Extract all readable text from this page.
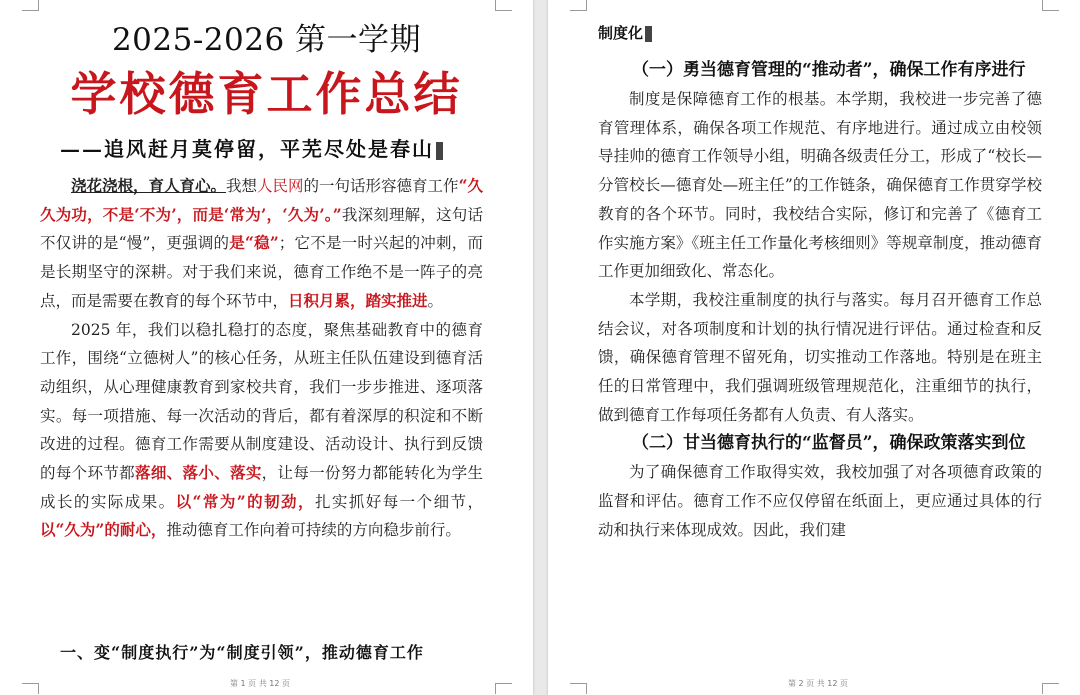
2025-2026 第一学期
学校德育工作总结
——追风赶月莫停留，平芜尽处是春山

浇花浇根，育人育心。我想人民网的一句话形容德育工作“久久为功，不是‘不为’，而是‘常为’，‘久为’。”我深刻理解，这句话不仅讲的是“慢”，更强调的是“稳”；它不是一时兴起的冲刺，而是长期坚守的深耕。对于我们来说，德育工作绝不是一阵子的亮点，而是需要在教育的每个环节中，日积月累，踏实推进。

2025 年，我们以稳扎稳打的态度，聚焦基础教育中的德育工作，围绕“立德树人”的核心任务，从班主任队伍建设到德育活动组织，从心理健康教育到家校共育，我们一步步推进、逐项落实。每一项措施、每一次活动的背后，都有着深厚的积淀和不断改进的过程。德育工作需要从制度建设、活动设计、执行到反馈的每个环节都落细、落小、落实，让每一份努力都能转化为学生成长的实际成果。以“常为”的韧劲，扎实抓好每一个细节，以“久为”的耐心，推动德育工作向着可持续的方向稳步前行。

一、变“制度执行”为“制度引领”，推动德育工作
第 1 页 共 12 页	第 2 页 共 12 页
制度化

（一）勇当德育管理的“推动者”，确保工作有序进行

制度是保障德育工作的根基。本学期，我校进一步完善了德育管理体系，确保各项工作规范、有序地进行。通过成立由校领导挂帅的德育工作领导小组，明确各级责任分工，形成了“校长—分管校长—德育处—班主任”的工作链条，确保德育工作贯穿学校教育的各个环节。同时，我校结合实际，修订和完善了《德育工作实施方案》《班主任工作量化考核细则》等规章制度，推动德育工作更加细致化、常态化。

本学期，我校注重制度的执行与落实。每月召开德育工作总结会议，对各项制度和计划的执行情况进行评估。通过检查和反馈，确保德育管理不留死角，切实推动工作落地。特别是在班主任的日常管理中，我们强调班级管理规范化，注重细节的执行，做到德育工作每项任务都有人负责、有人落实。

（二）甘当德育执行的“监督员”，确保政策落实到位

为了确保德育工作取得实效，我校加强了对各项德育政策的监督和评估。德育工作不应仅停留在纸面上，更应通过具体的行动和执行来体现成效。因此，我们建
